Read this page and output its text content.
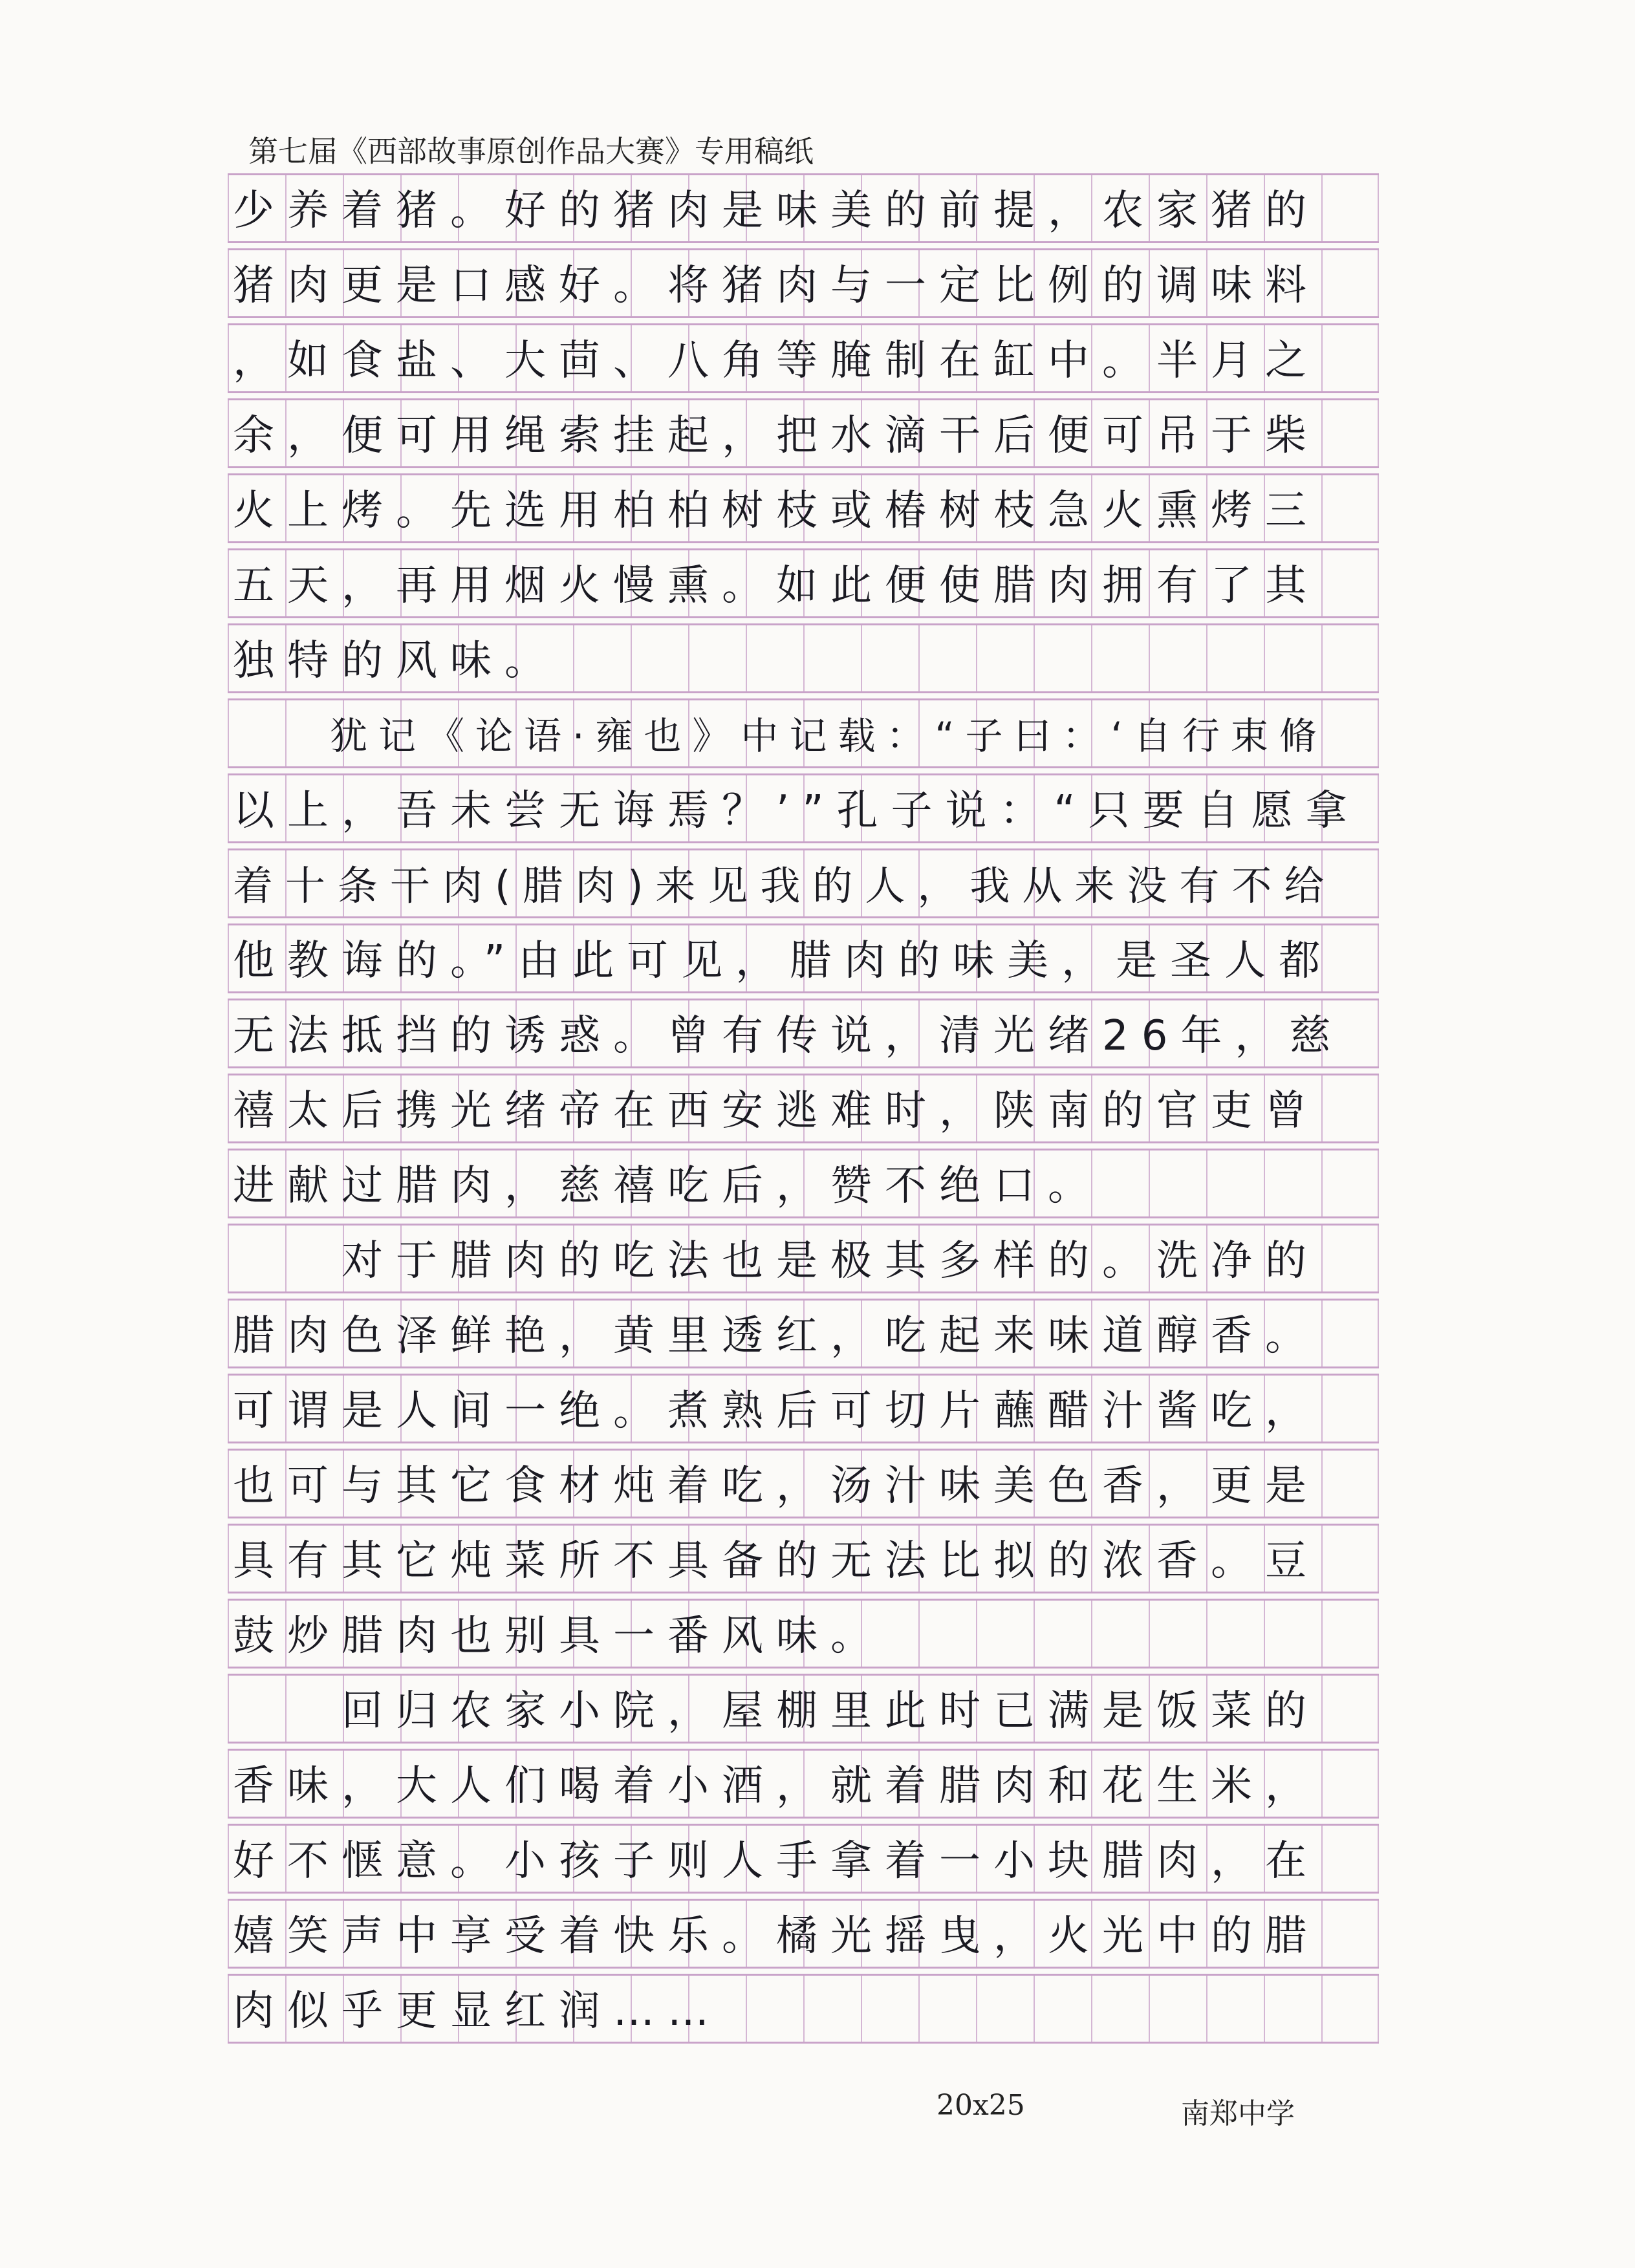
第七届《西部故事原创作品大赛》专用稿纸
少养着猪。好的猪肉是味美的前提，农家猪的
猪肉更是口感好。将猪肉与一定比例的调味料
，如食盐、大茴、八角等腌制在缸中。半月之
余，便可用绳索挂起，把水滴干后便可吊于柴
火上烤。先选用柏柏树枝或椿树枝急火熏烤三
五天，再用烟火慢熏。如此便使腊肉拥有了其
独特的风味。
　　犹记《论语·雍也》中记载：“子曰：‘自行束脩
以上，吾未尝无诲焉？’”孔子说：“只要自愿拿
着十条干肉(腊肉)来见我的人，我从来没有不给
他教诲的。”由此可见，腊肉的味美，是圣人都
无法抵挡的诱惑。曾有传说，清光绪26年，慈
禧太后携光绪帝在西安逃难时，陕南的官吏曾
进献过腊肉，慈禧吃后，赞不绝口。
　　对于腊肉的吃法也是极其多样的。洗净的
腊肉色泽鲜艳，黄里透红，吃起来味道醇香。
可谓是人间一绝。煮熟后可切片蘸醋汁酱吃，
也可与其它食材炖着吃，汤汁味美色香，更是
具有其它炖菜所不具备的无法比拟的浓香。豆
鼓炒腊肉也别具一番风味。
　　回归农家小院，屋棚里此时已满是饭菜的
香味，大人们喝着小酒，就着腊肉和花生米，
好不惬意。小孩子则人手拿着一小块腊肉，在
嬉笑声中享受着快乐。橘光摇曳，火光中的腊
肉似乎更显红润……
20x25	南郑中学
